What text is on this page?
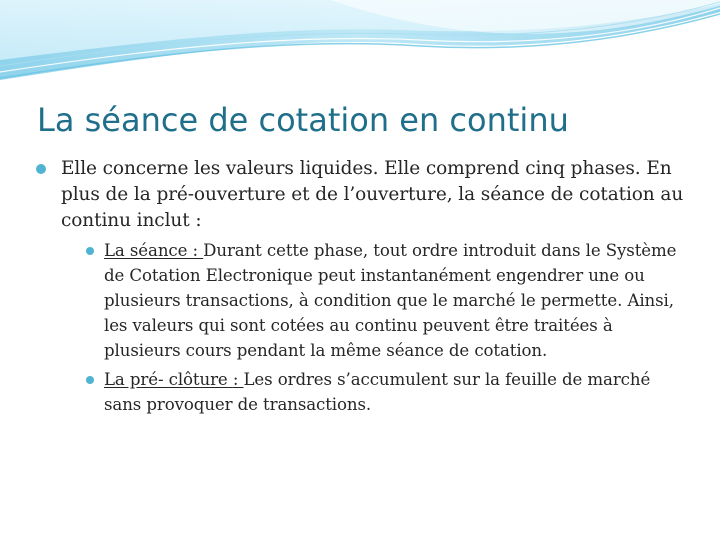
La séance de cotation en continu
Elle concerne les valeurs liquides. Elle comprend cinq phases. En plus de la pré-ouverture et de l’ouverture, la séance de cotation au continu inclut :
La séance : Durant cette phase, tout ordre introduit dans le Système de Cotation Electronique peut instantanément engendrer une ou plusieurs transactions, à condition que le marché le permette. Ainsi, les valeurs qui sont cotées au continu peuvent être traitées à plusieurs cours pendant la même séance de cotation.
La pré- clôture : Les ordres s’accumulent sur la feuille de marché sans provoquer de transactions.
